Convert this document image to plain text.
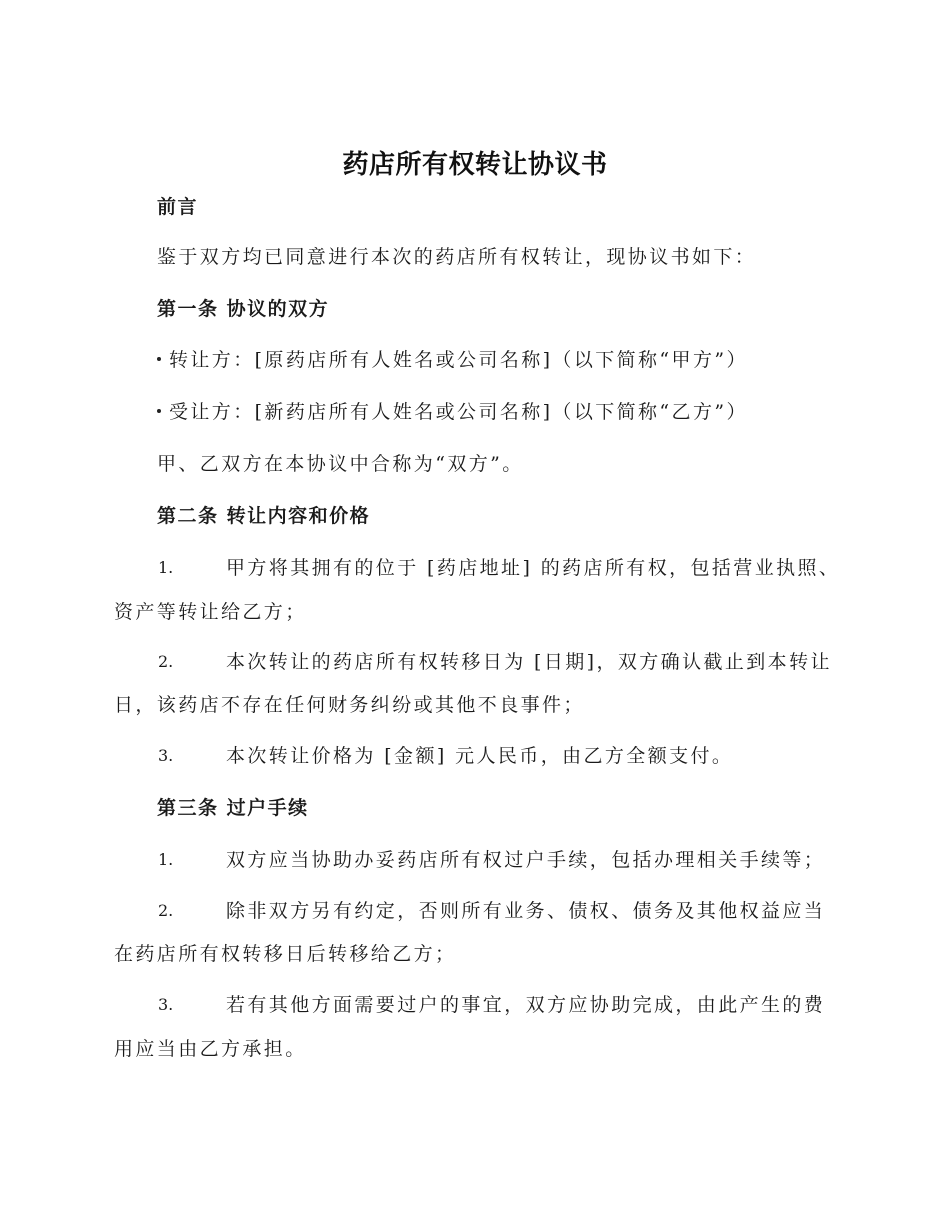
药店所有权转让协议书
前言
鉴于双方均已同意进行本次的药店所有权转让，现协议书如下：
第一条 协议的双方
转让方：[原药店所有人姓名或公司名称]（以下简称“甲方”）
受让方：[新药店所有人姓名或公司名称]（以下简称“乙方”）
甲、乙双方在本协议中合称为“双方”。
第二条 转让内容和价格
1.	甲方将其拥有的位于 [药店地址] 的药店所有权，包括营业执照、
资产等转让给乙方；
2.	本次转让的药店所有权转移日为 [日期]，双方确认截止到本转让
日，该药店不存在任何财务纠纷或其他不良事件；
3.	本次转让价格为 [金额] 元人民币，由乙方全额支付。
第三条 过户手续
1.	双方应当协助办妥药店所有权过户手续，包括办理相关手续等；
2.	除非双方另有约定，否则所有业务、债权、债务及其他权益应当
在药店所有权转移日后转移给乙方；
3.	若有其他方面需要过户的事宜，双方应协助完成，由此产生的费
用应当由乙方承担。
